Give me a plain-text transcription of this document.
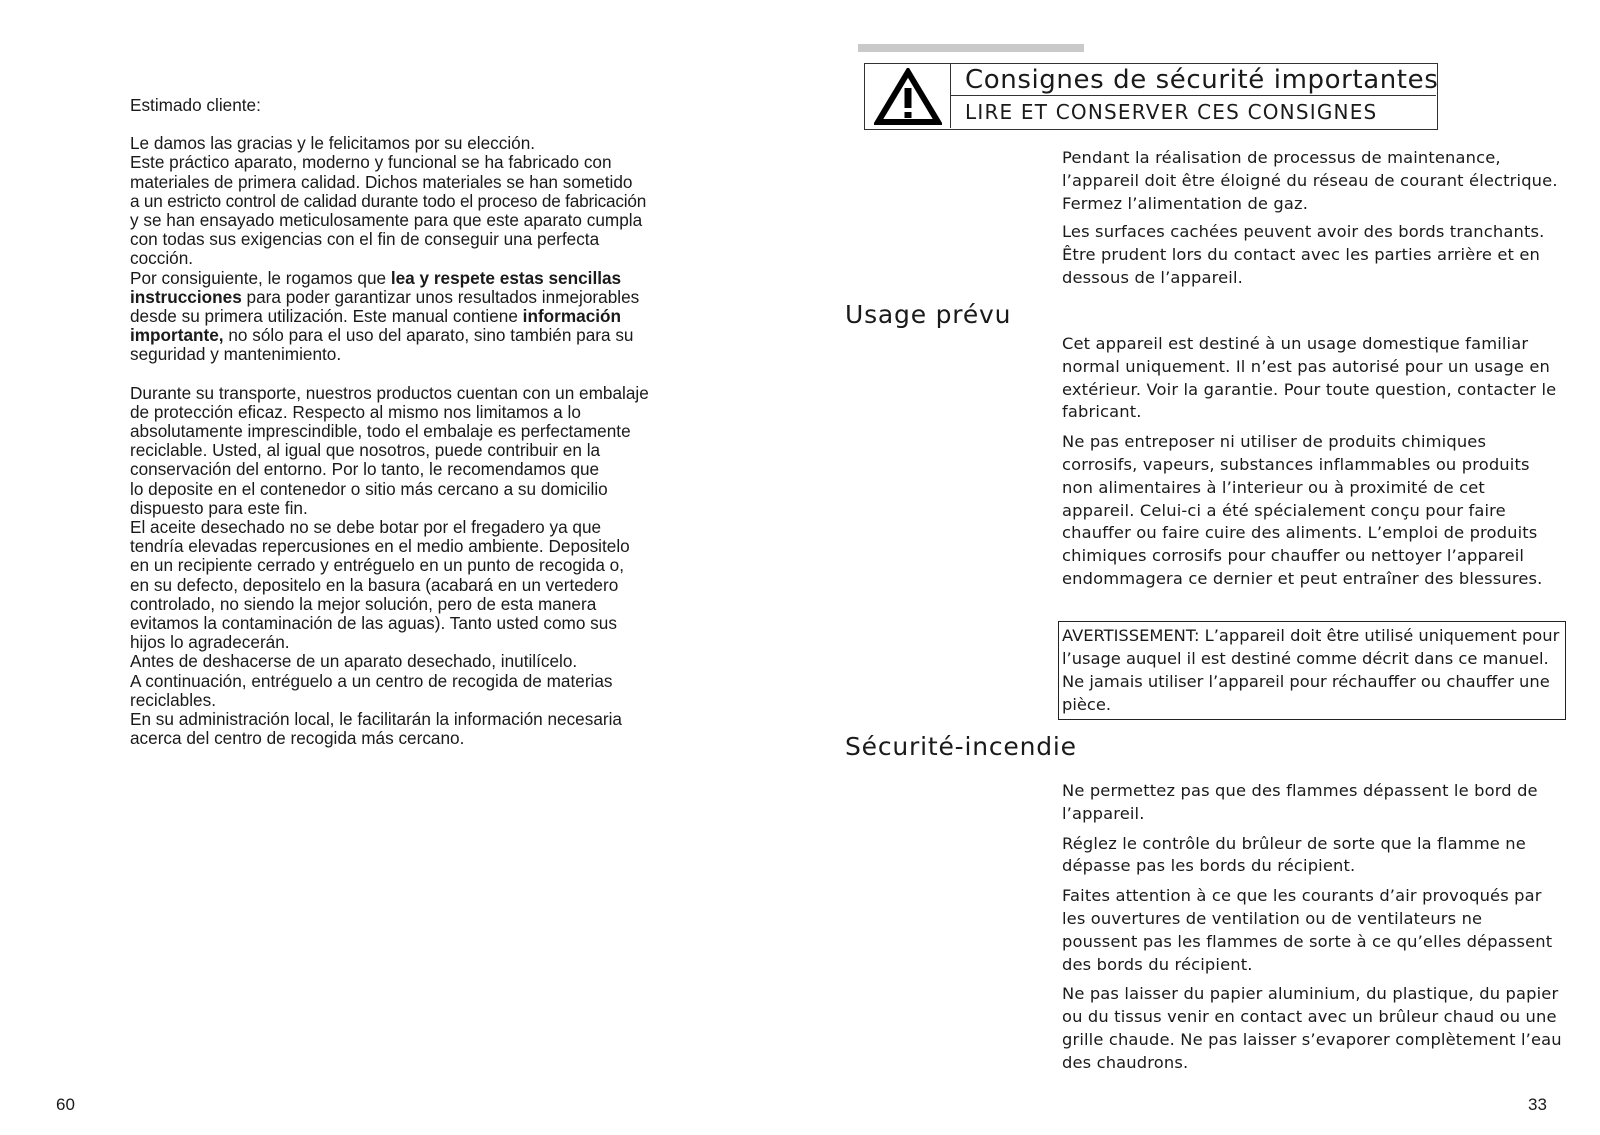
Estimado cliente:

Le damos las gracias y le felicitamos por su elección.

Este práctico aparato, moderno y funcional se ha fabricado con

materiales de primera calidad. Dichos materiales se han sometido

a un estricto control de calidad durante todo el proceso de fabricación

y se han ensayado meticulosamente para que este aparato cumpla

con todas sus exigencias con el fin de conseguir una perfecta

cocción.

Por consiguiente, le rogamos que lea y respete estas sencillas

instrucciones para poder garantizar unos resultados inmejorables

desde su primera utilización. Este manual contiene información

importante, no sólo para el uso del aparato, sino también para su

seguridad y mantenimiento.

Durante su transporte, nuestros productos cuentan con un embalaje

de protección eficaz. Respecto al mismo nos limitamos a lo

absolutamente imprescindible, todo el embalaje es perfectamente

reciclable. Usted, al igual que nosotros, puede contribuir en la

conservación del entorno. Por lo tanto, le recomendamos que

lo deposite en el contenedor o sitio más cercano a su domicilio

dispuesto para este fin.

El aceite desechado no se debe botar por el fregadero ya que

tendría elevadas repercusiones en el medio ambiente. Depositelo

en un recipiente cerrado y entréguelo en un punto de recogida o,

en su defecto, depositelo en la basura (acabará en un vertedero

controlado, no siendo la mejor solución, pero de esta manera

evitamos la contaminación de las aguas). Tanto usted como sus

hijos lo agradecerán.

Antes de deshacerse de un aparato desechado, inutilícelo.

A continuación, entréguelo a un centro de recogida de materias

reciclables.

En su administración local, le facilitarán la información necesaria

acerca del centro de recogida más cercano.

60
Consignes de sécurité importantes
LIRE ET CONSERVER CES CONSIGNES

Pendant la réalisation de processus de maintenance, l’appareil doit être éloigné du réseau de courant électrique. Fermez l’alimentation de gaz.

Les surfaces cachées peuvent avoir des bords tranchants. Être prudent lors du contact avec les parties arrière et en dessous de l’appareil.

Usage prévu

Cet appareil est destiné à un usage domestique familiar normal uniquement. Il n’est pas autorisé pour un usage en extérieur. Voir la garantie. Pour toute question, contacter le fabricant.

Ne pas entreposer ni utiliser de produits chimiques corrosifs, vapeurs, substances inflammables ou produits non alimentaires à l’interieur ou à proximité de cet appareil. Celui-ci a été spécialement conçu pour faire chauffer ou faire cuire des aliments. L’emploi de produits chimiques corrosifs pour chauffer ou nettoyer l’appareil endommagera ce dernier et peut entraîner des blessures.

AVERTISSEMENT: L’appareil doit être utilisé uniquement pour l’usage auquel il est destiné comme décrit dans ce manuel. Ne jamais utiliser l’appareil pour réchauffer ou chauffer une pièce.
Sécurité-incendie

Ne permettez pas que des flammes dépassent le bord de l’appareil.

Réglez le contrôle du brûleur de sorte que la flamme ne dépasse pas les bords du récipient.

Faites attention à ce que les courants d’air provoqués par les ouvertures de ventilation ou de ventilateurs ne poussent pas les flammes de sorte à ce qu’elles dépassent des bords du récipient.

Ne pas laisser du papier aluminium, du plastique, du papier ou du tissus venir en contact avec un brûleur chaud ou une grille chaude. Ne pas laisser s’evaporer complètement l’eau des chaudrons.

33
